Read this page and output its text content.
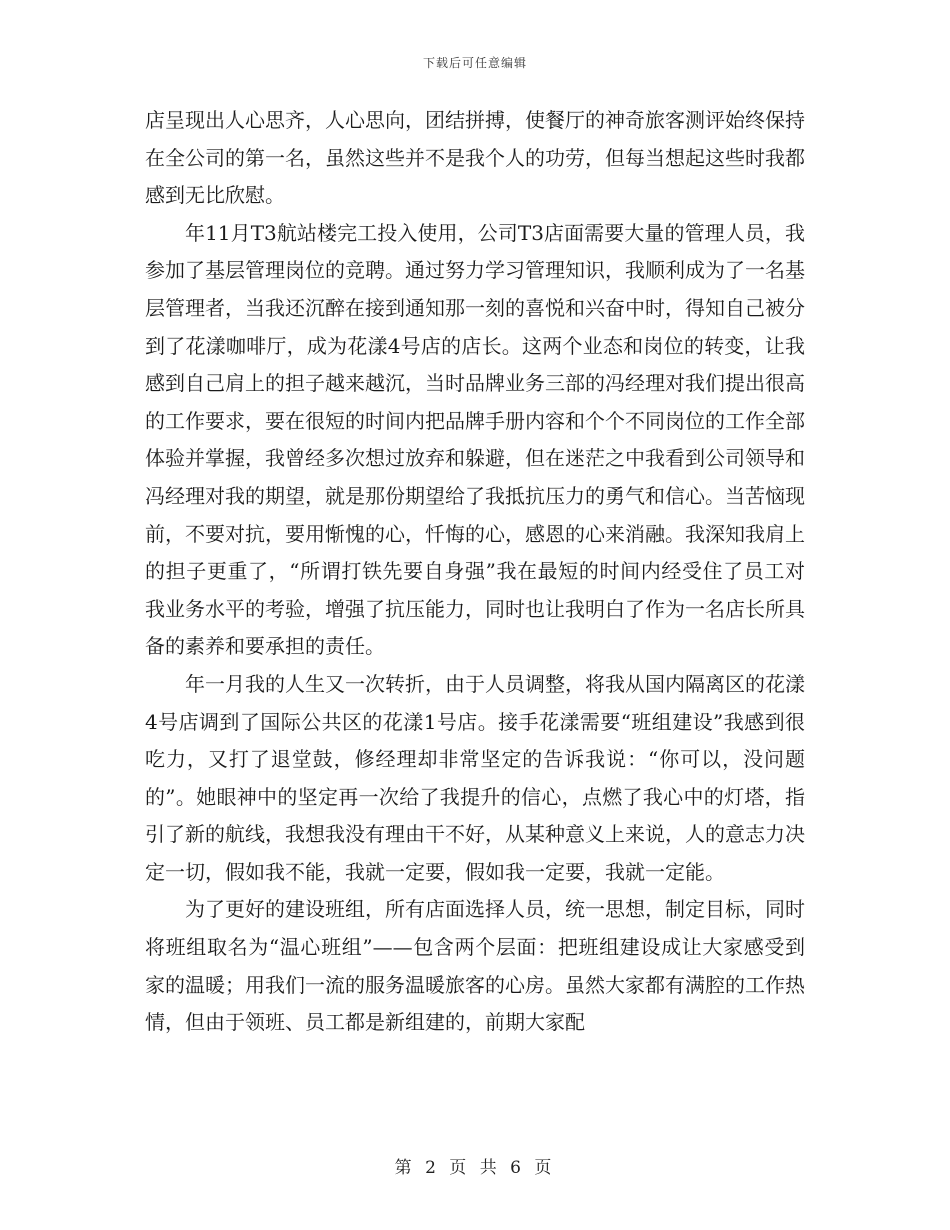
下载后可任意编辑

店呈现出人心思齐，人心思向，团结拼搏，使餐厅的神奇旅客测评始终保持在全公司的第一名，虽然这些并不是我个人的功劳，但每当想起这些时我都感到无比欣慰。

年11月T3航站楼完工投入使用，公司T3店面需要大量的管理人员，我参加了基层管理岗位的竞聘。通过努力学习管理知识，我顺利成为了一名基层管理者，当我还沉醉在接到通知那一刻的喜悦和兴奋中时，得知自己被分到了花漾咖啡厅，成为花漾4号店的店长。这两个业态和岗位的转变，让我感到自己肩上的担子越来越沉，当时品牌业务三部的冯经理对我们提出很高的工作要求，要在很短的时间内把品牌手册内容和个个不同岗位的工作全部体验并掌握，我曾经多次想过放弃和躲避，但在迷茫之中我看到公司领导和冯经理对我的期望，就是那份期望给了我抵抗压力的勇气和信心。当苦恼现前，不要对抗，要用惭愧的心，忏悔的心，感恩的心来消融。我深知我肩上的担子更重了，“所谓打铁先要自身强”我在最短的时间内经受住了员工对我业务水平的考验，增强了抗压能力，同时也让我明白了作为一名店长所具备的素养和要承担的责任。

年一月我的人生又一次转折，由于人员调整，将我从国内隔离区的花漾4号店调到了国际公共区的花漾1号店。接手花漾需要“班组建设”我感到很吃力，又打了退堂鼓，修经理却非常坚定的告诉我说：“你可以，没问题的”。她眼神中的坚定再一次给了我提升的信心，点燃了我心中的灯塔，指引了新的航线，我想我没有理由干不好，从某种意义上来说，人的意志力决定一切，假如我不能，我就一定要，假如我一定要，我就一定能。

为了更好的建设班组，所有店面选择人员，统一思想，制定目标，同时将班组取名为“温心班组”——包含两个层面：把班组建设成让大家感受到家的温暖；用我们一流的服务温暖旅客的心房。虽然大家都有满腔的工作热情，但由于领班、员工都是新组建的，前期大家配

第 2 页 共 6 页
